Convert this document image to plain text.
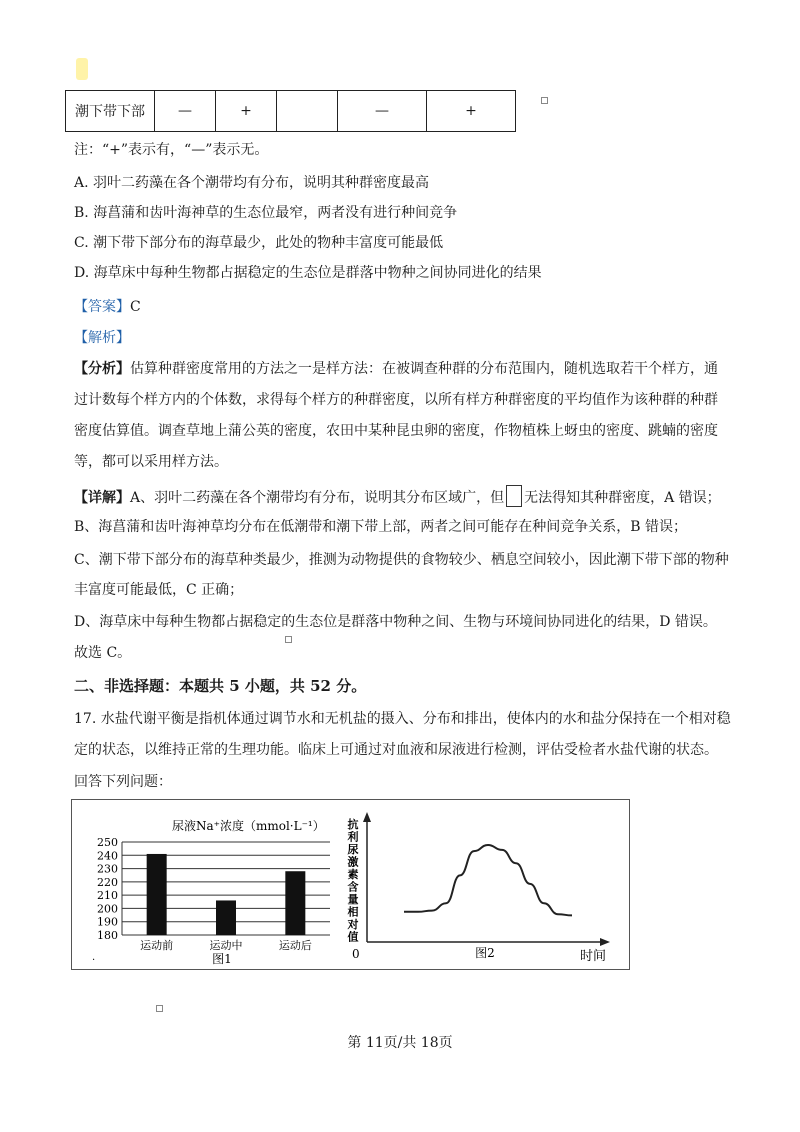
潮下带下部	—	+		—	+
注：“+”表示有，“—”表示无。
A. 羽叶二药藻在各个潮带均有分布，说明其种群密度最高
B. 海菖蒲和齿叶海神草的生态位最窄，两者没有进行种间竞争
C. 潮下带下部分布的海草最少，此处的物种丰富度可能最低
D. 海草床中每种生物都占据稳定的生态位是群落中物种之间协同进化的结果
【答案】C
【解析】
【分析】估算种群密度常用的方法之一是样方法：在被调查种群的分布范围内，随机选取若干个样方，通
过计数每个样方内的个体数，求得每个样方的种群密度，以所有样方种群密度的平均值作为该种群的种群
密度估算值。调查草地上蒲公英的密度，农田中某种昆虫卵的密度，作物植株上蚜虫的密度、跳蝻的密度
等，都可以采用样方法。
【详解】A、羽叶二药藻在各个潮带均有分布，说明其分布区域广，但 无法得知其种群密度，A 错误；
B、海菖蒲和齿叶海神草均分布在低潮带和潮下带上部，两者之间可能存在种间竞争关系，B 错误；
C、潮下带下部分布的海草种类最少，推测为动物提供的食物较少、栖息空间较小，因此潮下带下部的物种
丰富度可能最低，C 正确；
D、海草床中每种生物都占据稳定的生态位是群落中物种之间、生物与环境间协同进化的结果，D 错误。
故选 C。
二、非选择题：本题共 5 小题，共 52 分。
17. 水盐代谢平衡是指机体通过调节水和无机盐的摄入、分布和排出，使体内的水和盐分保持在一个相对稳
定的状态，以维持正常的生理功能。临床上可通过对血液和尿液进行检测，评估受检者水盐代谢的状态。
回答下列问题：
尿液Na⁺浓度（mmol·L⁻¹）
180
190
200
210
220
230
240
250
运动前	运动中	运动后
图1
.
抗
利
尿
激
素
含
量
相
对
值
0	时间
图2
第 11页/共 18页
